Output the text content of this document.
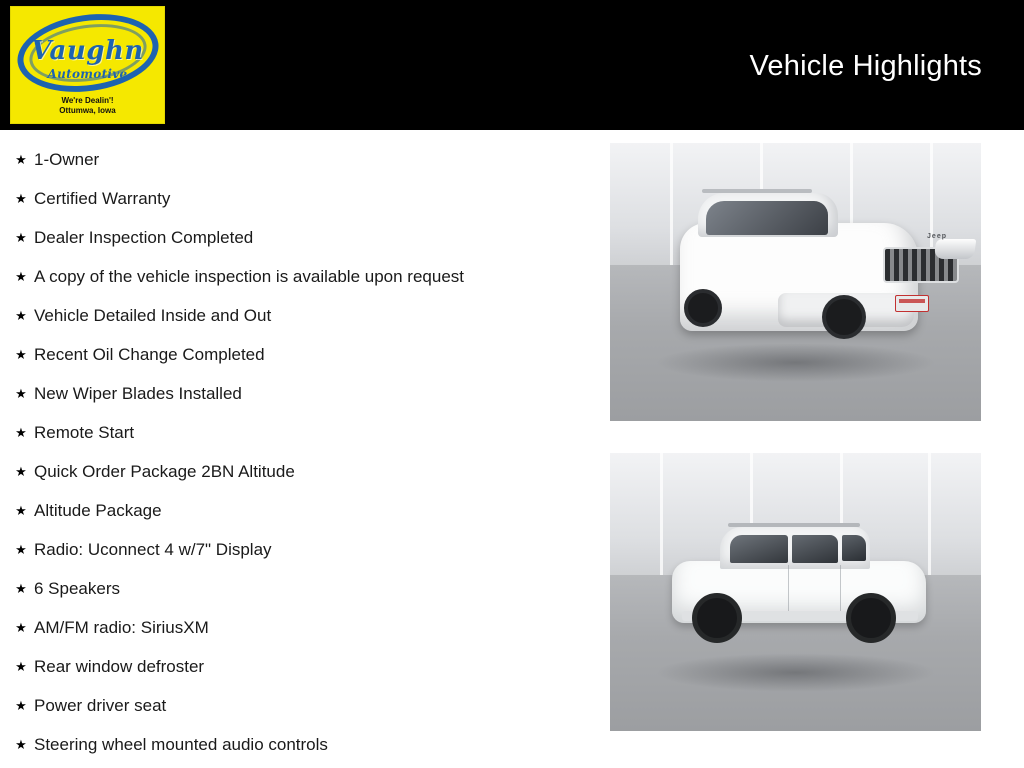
Vaughn
Automotive
We're Dealin'!
Ottumwa, Iowa
Vehicle Highlights
★ 1-Owner
★ Certified Warranty
★ Dealer Inspection Completed
★ A copy of the vehicle inspection is available upon request
★ Vehicle Detailed Inside and Out
★ Recent Oil Change Completed
★ New Wiper Blades Installed
★ Remote Start
★ Quick Order Package 2BN Altitude
★ Altitude Package
★ Radio: Uconnect 4 w/7" Display
★ 6 Speakers
★ AM/FM radio: SiriusXM
★ Rear window defroster
★ Power driver seat
★ Steering wheel mounted audio controls
Jeep
